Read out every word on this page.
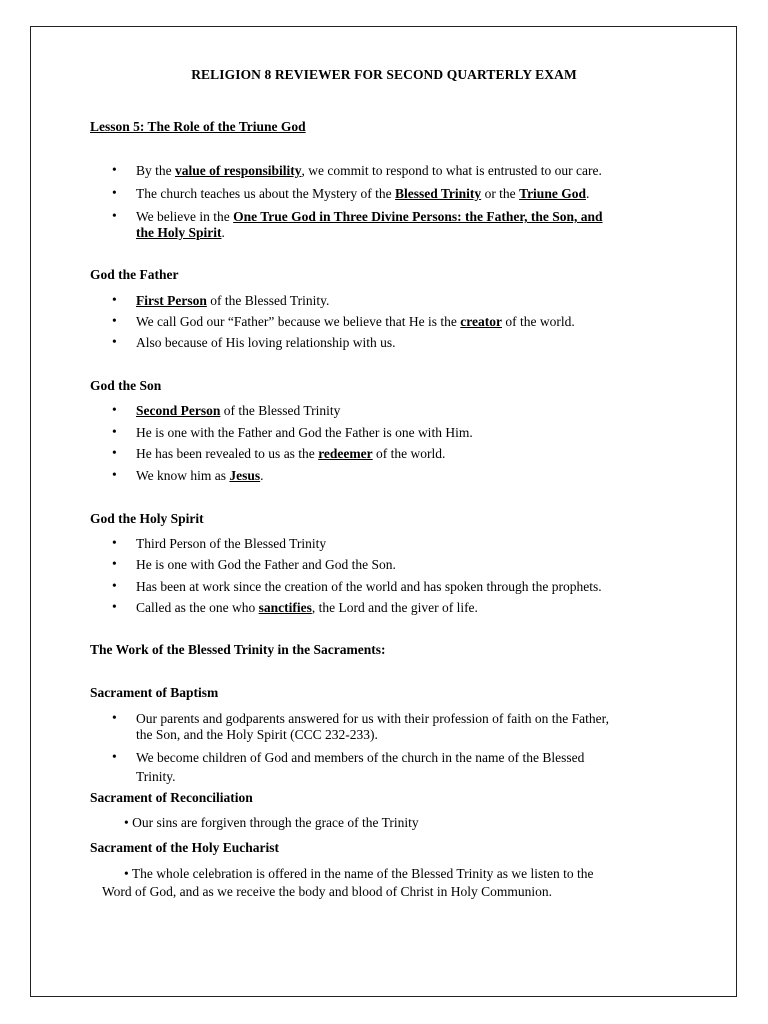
RELIGION 8 REVIEWER FOR SECOND QUARTERLY EXAM
Lesson 5: The Role of the Triune God
• By the value of responsibility, we commit to respond to what is entrusted to our care.
• The church teaches us about the Mystery of the Blessed Trinity or the Triune God.
• We believe in the One True God in Three Divine Persons: the Father, the Son, and
the Holy Spirit.
God the Father
• First Person of the Blessed Trinity.
• We call God our “Father” because we believe that He is the creator of the world.
• Also because of His loving relationship with us.
God the Son
• Second Person of the Blessed Trinity
• He is one with the Father and God the Father is one with Him.
• He has been revealed to us as the redeemer of the world.
• We know him as Jesus.
God the Holy Spirit
• Third Person of the Blessed Trinity
• He is one with God the Father and God the Son.
• Has been at work since the creation of the world and has spoken through the prophets.
• Called as the one who sanctifies, the Lord and the giver of life.
The Work of the Blessed Trinity in the Sacraments:
Sacrament of Baptism
• Our parents and godparents answered for us with their profession of faith on the Father,
the Son, and the Holy Spirit (CCC 232-233).
• We become children of God and members of the church in the name of the Blessed
Trinity.
Sacrament of Reconciliation
• Our sins are forgiven through the grace of the Trinity
Sacrament of the Holy Eucharist
• The whole celebration is offered in the name of the Blessed Trinity as we listen to the
Word of God, and as we receive the body and blood of Christ in Holy Communion.
